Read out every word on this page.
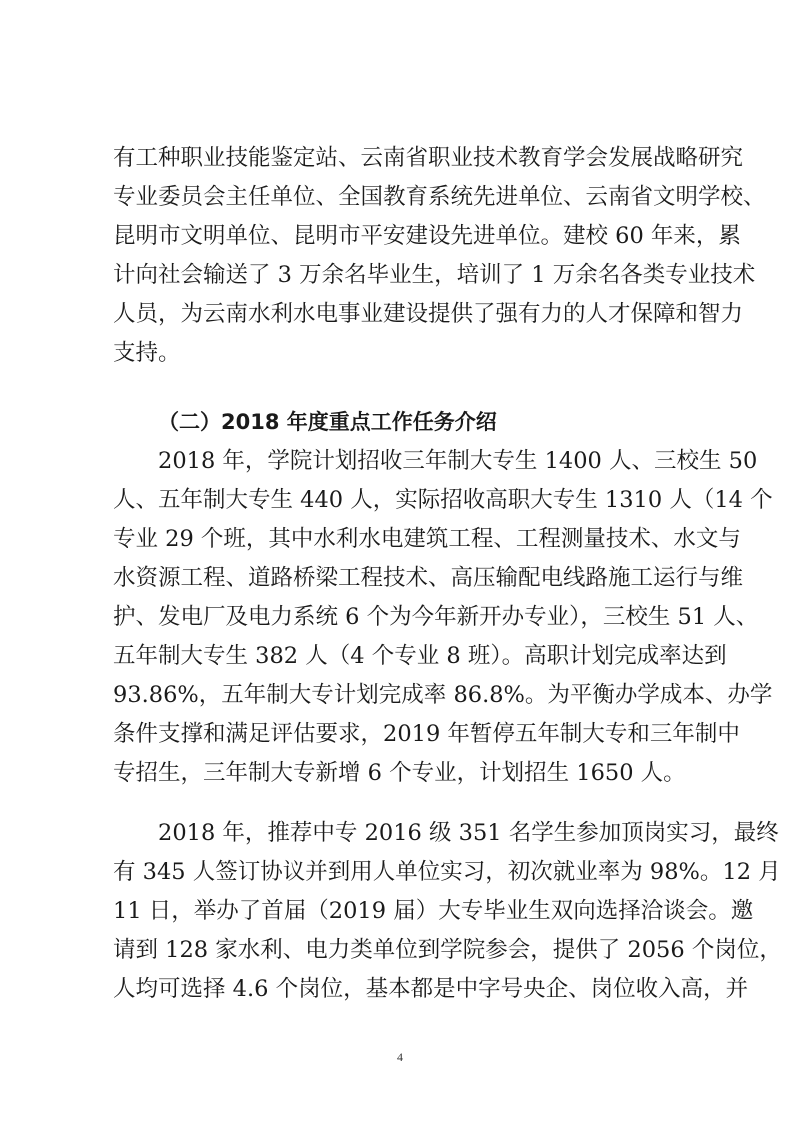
有工种职业技能鉴定站、云南省职业技术教育学会发展战略研究
专业委员会主任单位、全国教育系统先进单位、云南省文明学校、
昆明市文明单位、昆明市平安建设先进单位。建校 60 年来，累
计向社会输送了 3 万余名毕业生，培训了 1 万余名各类专业技术
人员，为云南水利水电事业建设提供了强有力的人才保障和智力
支持。
（二）2018 年度重点工作任务介绍
2018 年，学院计划招收三年制大专生 1400 人、三校生 50
人、五年制大专生 440 人，实际招收高职大专生 1310 人（14 个
专业 29 个班，其中水利水电建筑工程、工程测量技术、水文与
水资源工程、道路桥梁工程技术、高压输配电线路施工运行与维
护、发电厂及电力系统 6 个为今年新开办专业），三校生 51 人、
五年制大专生 382 人（4 个专业 8 班）。高职计划完成率达到
93.86%，五年制大专计划完成率 86.8%。为平衡办学成本、办学
条件支撑和满足评估要求，2019 年暂停五年制大专和三年制中
专招生，三年制大专新增 6 个专业，计划招生 1650 人。
2018 年，推荐中专 2016 级 351 名学生参加顶岗实习，最终
有 345 人签订协议并到用人单位实习，初次就业率为 98%。12 月
11 日，举办了首届（2019 届）大专毕业生双向选择洽谈会。邀
请到 128 家水利、电力类单位到学院参会，提供了 2056 个岗位，
人均可选择 4.6 个岗位，基本都是中字号央企、岗位收入高，并
4
